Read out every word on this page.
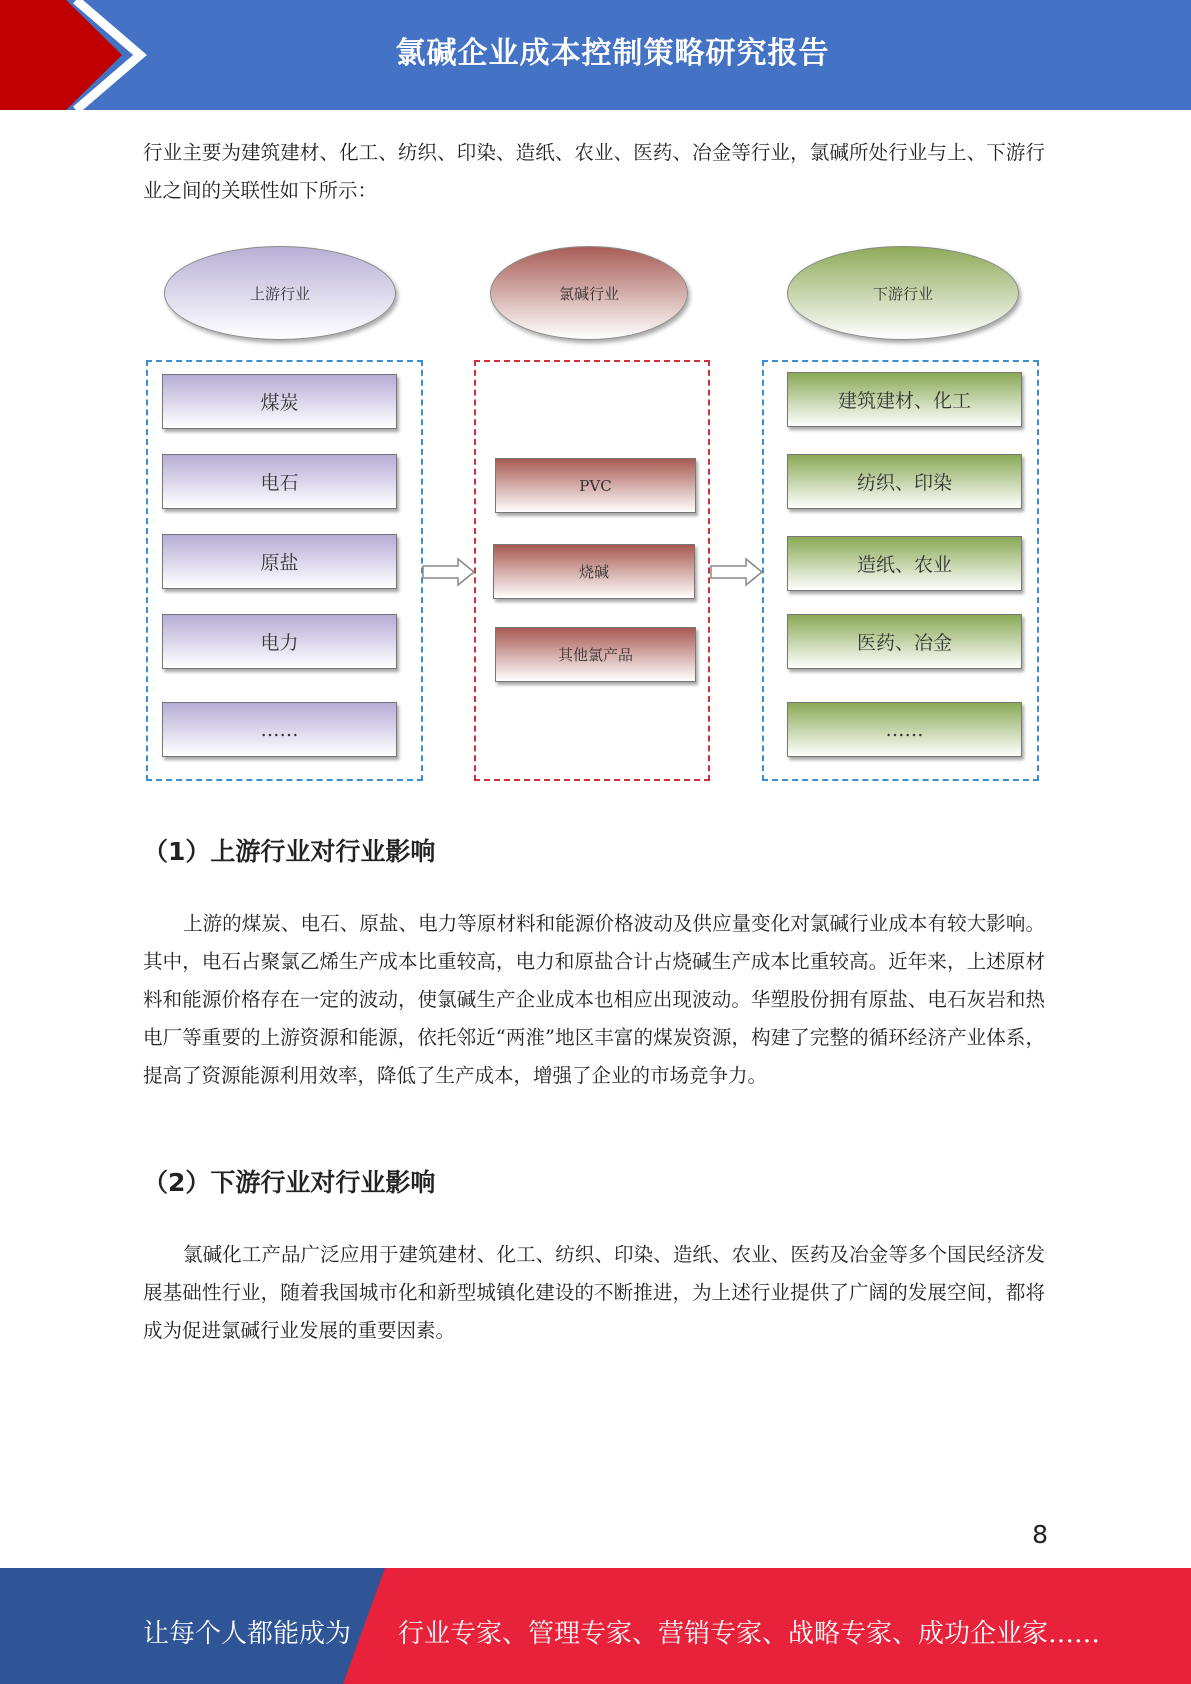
氯碱企业成本控制策略研究报告

行业主要为建筑建材、化工、纺织、印染、造纸、农业、医药、冶金等行业，氯碱所处行业与上、下游行业之间的关联性如下所示：

上游行业	氯碱行业	下游行业
煤炭
电石
原盐
电力
……
PVC
烧碱
其他氯产品
建筑建材、化工
纺织、印染
造纸、农业
医药、冶金
……
（1）上游行业对行业影响

上游的煤炭、电石、原盐、电力等原材料和能源价格波动及供应量变化对氯碱行业成本有较大影响。其中，电石占聚氯乙烯生产成本比重较高，电力和原盐合计占烧碱生产成本比重较高。近年来，上述原材料和能源价格存在一定的波动，使氯碱生产企业成本也相应出现波动。华塑股份拥有原盐、电石灰岩和热电厂等重要的上游资源和能源，依托邻近“两淮”地区丰富的煤炭资源，构建了完整的循环经济产业体系，提高了资源能源利用效率，降低了生产成本，增强了企业的市场竞争力。

（2）下游行业对行业影响

氯碱化工产品广泛应用于建筑建材、化工、纺织、印染、造纸、农业、医药及冶金等多个国民经济发展基础性行业，随着我国城市化和新型城镇化建设的不断推进，为上述行业提供了广阔的发展空间，都将成为促进氯碱行业发展的重要因素。

8
让每个人都能成为 行业专家、管理专家、营销专家、战略专家、成功企业家……
